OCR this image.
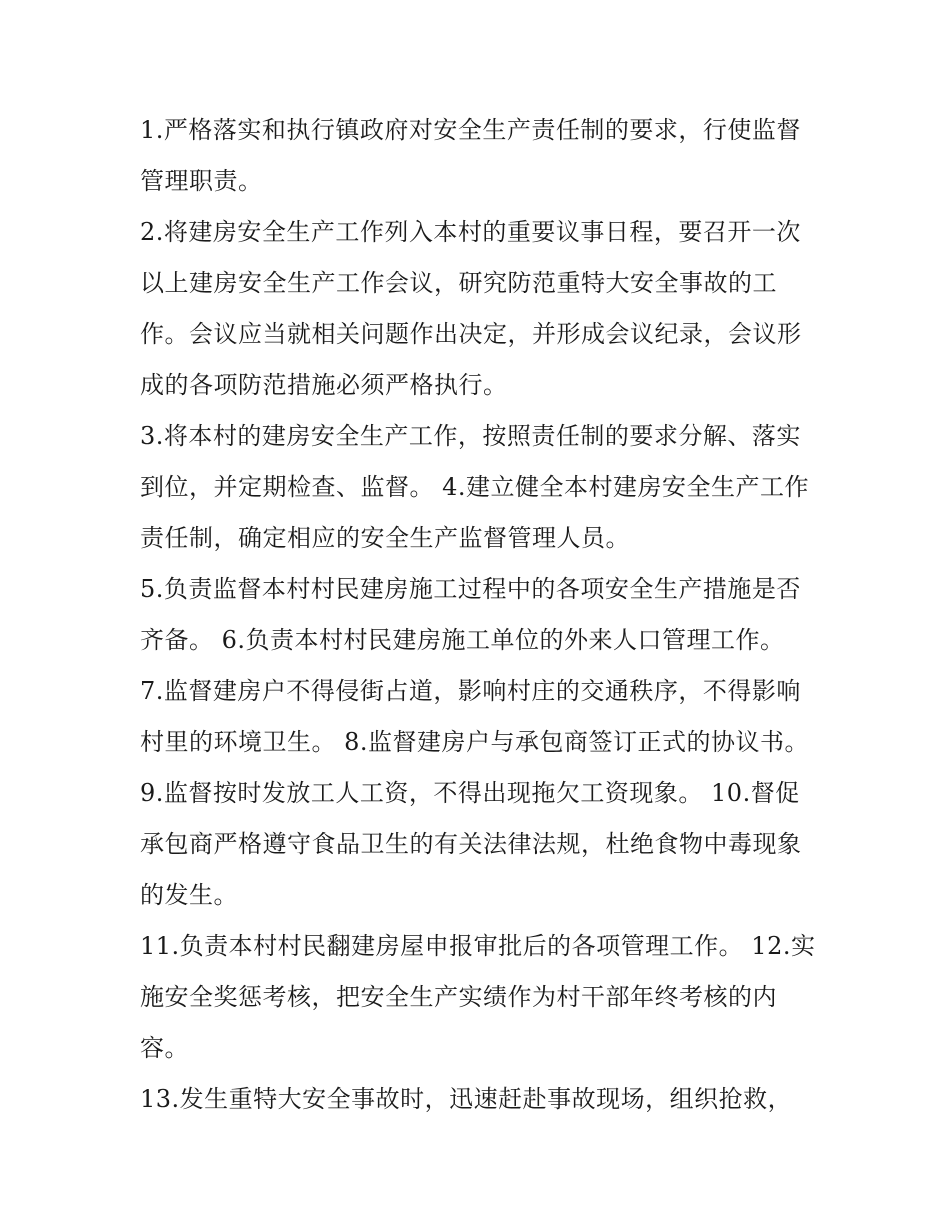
1.严格落实和执行镇政府对安全生产责任制的要求，行使监督管理职责。

2.将建房安全生产工作列入本村的重要议事日程，要召开一次以上建房安全生产工作会议，研究防范重特大安全事故的工作。会议应当就相关问题作出决定，并形成会议纪录，会议形成的各项防范措施必须严格执行。

3.将本村的建房安全生产工作，按照责任制的要求分解、落实到位，并定期检查、监督。 4.建立健全本村建房安全生产工作责任制，确定相应的安全生产监督管理人员。

5.负责监督本村村民建房施工过程中的各项安全生产措施是否齐备。 6.负责本村村民建房施工单位的外来人口管理工作。

7.监督建房户不得侵街占道，影响村庄的交通秩序，不得影响村里的环境卫生。 8.监督建房户与承包商签订正式的协议书。

9.监督按时发放工人工资，不得出现拖欠工资现象。 10.督促承包商严格遵守食品卫生的有关法律法规，杜绝食物中毒现象的发生。

11.负责本村村民翻建房屋申报审批后的各项管理工作。 12.实施安全奖惩考核，把安全生产实绩作为村干部年终考核的内容。

13.发生重特大安全事故时，迅速赶赴事故现场，组织抢救，
